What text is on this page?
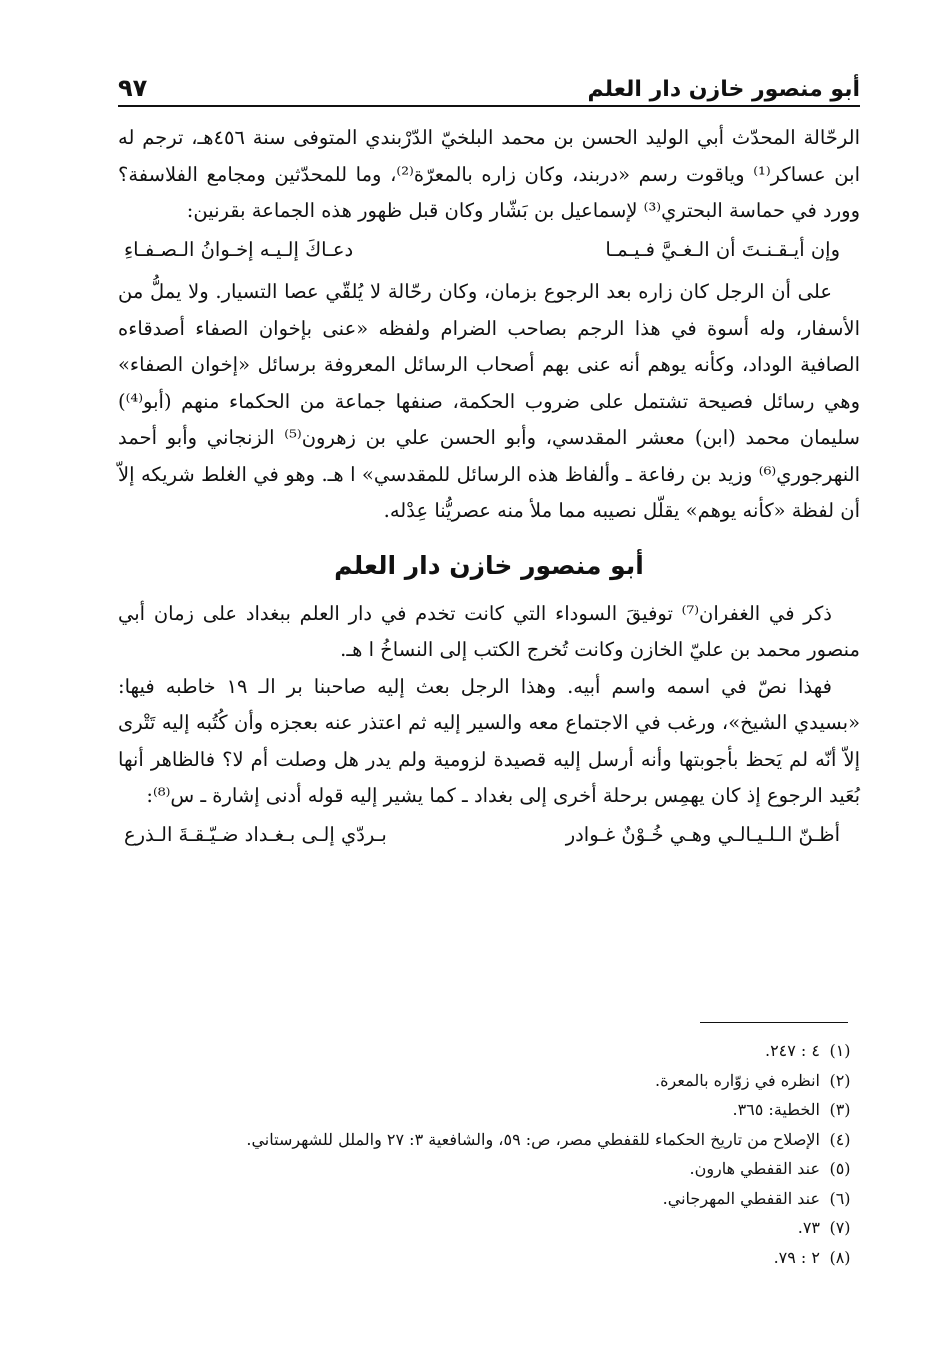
٩٧	أبو منصور خازن دار العلم

الرحّالة المحدّث أبي الوليد الحسن بن محمد البلخيّ الدّرْبندي المتوفى سنة ٤٥٦هـ، ترجم له ابن عساكر⁽¹⁾ وياقوت رسم «دربند، وكان زاره بالمعرّة⁽²⁾، وما للمحدّثين ومجامع الفلاسفة؟ وورد في حماسة البحتري⁽³⁾ لإسماعيل بن بَشّار وكان قبل ظهور هذه الجماعة بقرنين:

وإن أيـقـنـتَ أن الـغـيَّ فـيـمـا
دعـاكَ إلـيـه إخـوانُ الـصـفـاءِ

على أن الرجل كان زاره بعد الرجوع بزمان، وكان رحّالة لا يُلقّي عصا التسيار. ولا يملُّ من الأسفار، وله أسوة في هذا الرجم بصاحب الضرام ولفظه «عنى بإخوان الصفاء أصدقاءه الصافية الوداد، وكأنه يوهم أنه عنى بهم أصحاب الرسائل المعروفة برسائل «إخوان الصفاء» وهي رسائل فصيحة تشتمل على ضروب الحكمة، صنفها جماعة من الحكماء منهم (أبو⁽⁴⁾) سليمان محمد (ابن) معشر المقدسي، وأبو الحسن علي بن زهرون⁽⁵⁾ الزنجاني وأبو أحمد النهرجوري⁽⁶⁾ وزيد بن رفاعة ـ وألفاظ هذه الرسائل للمقدسي» ا هـ. وهو في الغلط شريكه إلاّ أن لفظة «كأنه يوهم» يقلّل نصيبه مما ملأ منه عصريُّنا عِدْله.

أبو منصور خازن دار العلم

ذكر في الغفران⁽⁷⁾ توفيقَ السوداء التي كانت تخدم في دار العلم ببغداد على زمان أبي منصور محمد بن عليّ الخازن وكانت تُخرج الكتب إلى النساخُ ا هـ.

فهذا نصّ في اسمه واسم أبيه. وهذا الرجل بعث إليه صاحبنا بر الـ ١٩ خاطبه فيها: «بسيدي الشيخ»، ورغب في الاجتماع معه والسير إليه ثم اعتذر عنه بعجزه وأن كُتُبه إليه تَتْرى إلاّ أنّه لم يَحظ بأجوبتها وأنه أرسل إليه قصيدة لزومية ولم يدر هل وصلت أم لا؟ فالظاهر أنها بُعَيد الرجوع إذ كان يهمِس برحلة أخرى إلى بغداد ـ كما يشير إليه قوله أدنى إشارة ـ س⁽⁸⁾:

أظـنّ الـلـيـالـي وهـي خُـوْنٌ غـوادر
بـردّي إلـى بـغـداد ضـيّـقـةَ الـذرع
(١)
٤ : ٢٤٧.
(٢)
انظره في زوّاره بالمعرة.
(٣)
الخطية: ٣٦٥.
(٤)
الإصلاح من تاريخ الحكماء للقفطي مصر، ص: ٥٩، والشافعية ٣: ٢٧ والملل للشهرستاني.
(٥)
عند القفطي هارون.
(٦)
عند القفطي المهرجاني.
(٧)
٧٣.
(٨)
٢ : ٧٩.
